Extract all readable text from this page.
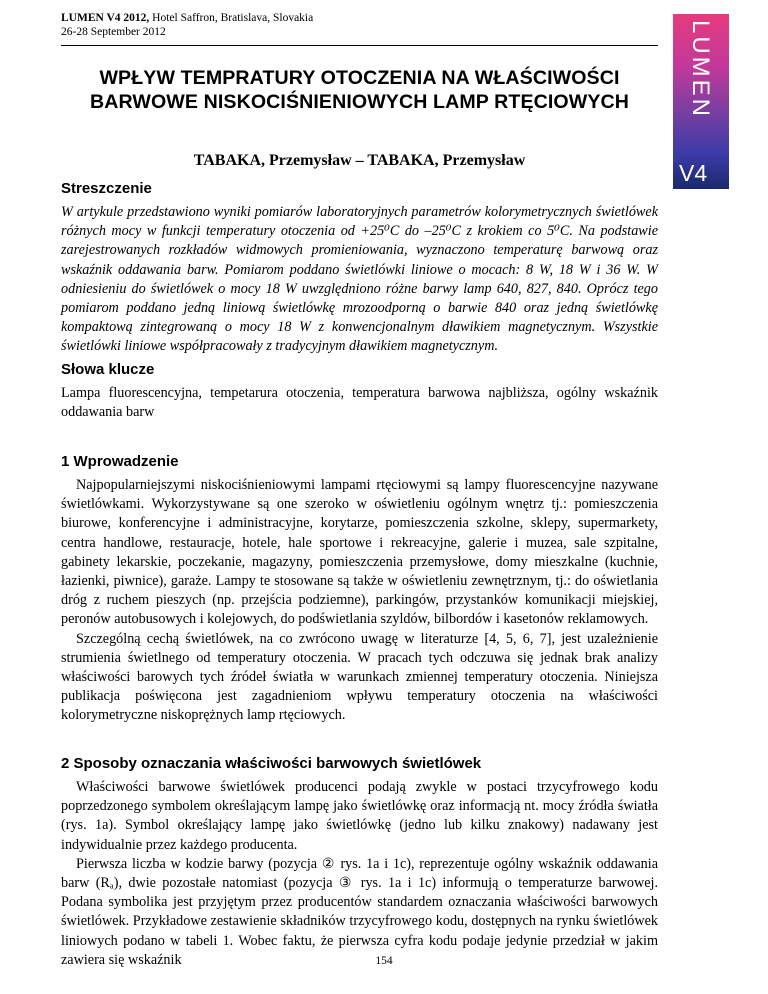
LUMEN V4 2012, Hotel Saffron, Bratislava, Slovakia
26-28 September 2012	LUMEN
V4
WPŁYW TEMPRATURY OTOCZENIA NA WŁAŚCIWOŚCI
BARWOWE NISKOCIŚNIENIOWYCH LAMP RTĘCIOWYCH
TABAKA, Przemysław – TABAKA, Przemysław
Streszczenie

W artykule przedstawiono wyniki pomiarów laboratoryjnych parametrów kolorymetrycznych świetlówek różnych mocy w funkcji temperatury otoczenia od +25⁰C do –25⁰C z krokiem co 5⁰C. Na podstawie zarejestrowanych rozkładów widmowych promieniowania, wyznaczono temperaturę barwową oraz wskaźnik oddawania barw. Pomiarom poddano świetlówki liniowe o mocach: 8 W, 18 W i 36 W. W odniesieniu do świetlówek o mocy 18 W uwzględniono różne barwy lamp 640, 827, 840. Oprócz tego pomiarom poddano jedną liniową świetlówkę mrozoodporną o barwie 840 oraz jedną świetlówkę kompaktową zintegrowaną o mocy 18 W z konwencjonalnym dławikiem magnetycznym. Wszystkie świetlówki liniowe współpracowały z tradycyjnym dławikiem magnetycznym.

Słowa klucze

Lampa fluorescencyjna, tempetarura otoczenia, temperatura barwowa najbliższa, ogólny wskaźnik oddawania barw

1 Wprowadzenie

Najpopularniejszymi niskociśnieniowymi lampami rtęciowymi są lampy fluorescencyjne nazywane świetlówkami. Wykorzystywane są one szeroko w oświetleniu ogólnym wnętrz tj.: pomieszczenia biurowe, konferencyjne i administracyjne, korytarze, pomieszczenia szkolne, sklepy, supermarkety, centra handlowe, restauracje, hotele, hale sportowe i rekreacyjne, galerie i muzea, sale szpitalne, gabinety lekarskie, poczekanie, magazyny, pomieszczenia przemysłowe, domy mieszkalne (kuchnie, łazienki, piwnice), garaże. Lampy te stosowane są także w oświetleniu zewnętrznym, tj.: do oświetlania dróg z ruchem pieszych (np. przejścia podziemne), parkingów, przystanków komunikacji miejskiej, peronów autobusowych i kolejowych, do podświetlania szyldów, bilbordów i kasetonów reklamowych.

Szczególną cechą świetlówek, na co zwrócono uwagę w literaturze [4, 5, 6, 7], jest uzależnienie strumienia świetlnego od temperatury otoczenia. W pracach tych odczuwa się jednak brak analizy właściwości barowych tych źródeł światła w warunkach zmiennej temperatury otoczenia. Niniejsza publikacja poświęcona jest zagadnieniom wpływu temperatury otoczenia na właściwości kolorymetryczne niskoprężnych lamp rtęciowych.

2 Sposoby oznaczania właściwości barwowych świetlówek

Właściwości barwowe świetlówek producenci podają zwykle w postaci trzycyfrowego kodu poprzedzonego symbolem określającym lampę jako świetlówkę oraz informacją nt. mocy źródła światła (rys. 1a). Symbol określający lampę jako świetlówkę (jedno lub kilku znakowy) nadawany jest indywidualnie przez każdego producenta.

Pierwsza liczba w kodzie barwy (pozycja ② rys. 1a i 1c), reprezentuje ogólny wskaźnik oddawania barw (Rₐ), dwie pozostałe natomiast (pozycja ③ rys. 1a i 1c) informują o temperaturze barwowej. Podana symbolika jest przyjętym przez producentów standardem oznaczania właściwości barwowych świetlówek. Przykładowe zestawienie składników trzycyfrowego kodu, dostępnych na rynku świetlówek liniowych podano w tabeli 1. Wobec faktu, że pierwsza cyfra kodu podaje jedynie przedział w jakim zawiera się wskaźnik	154
